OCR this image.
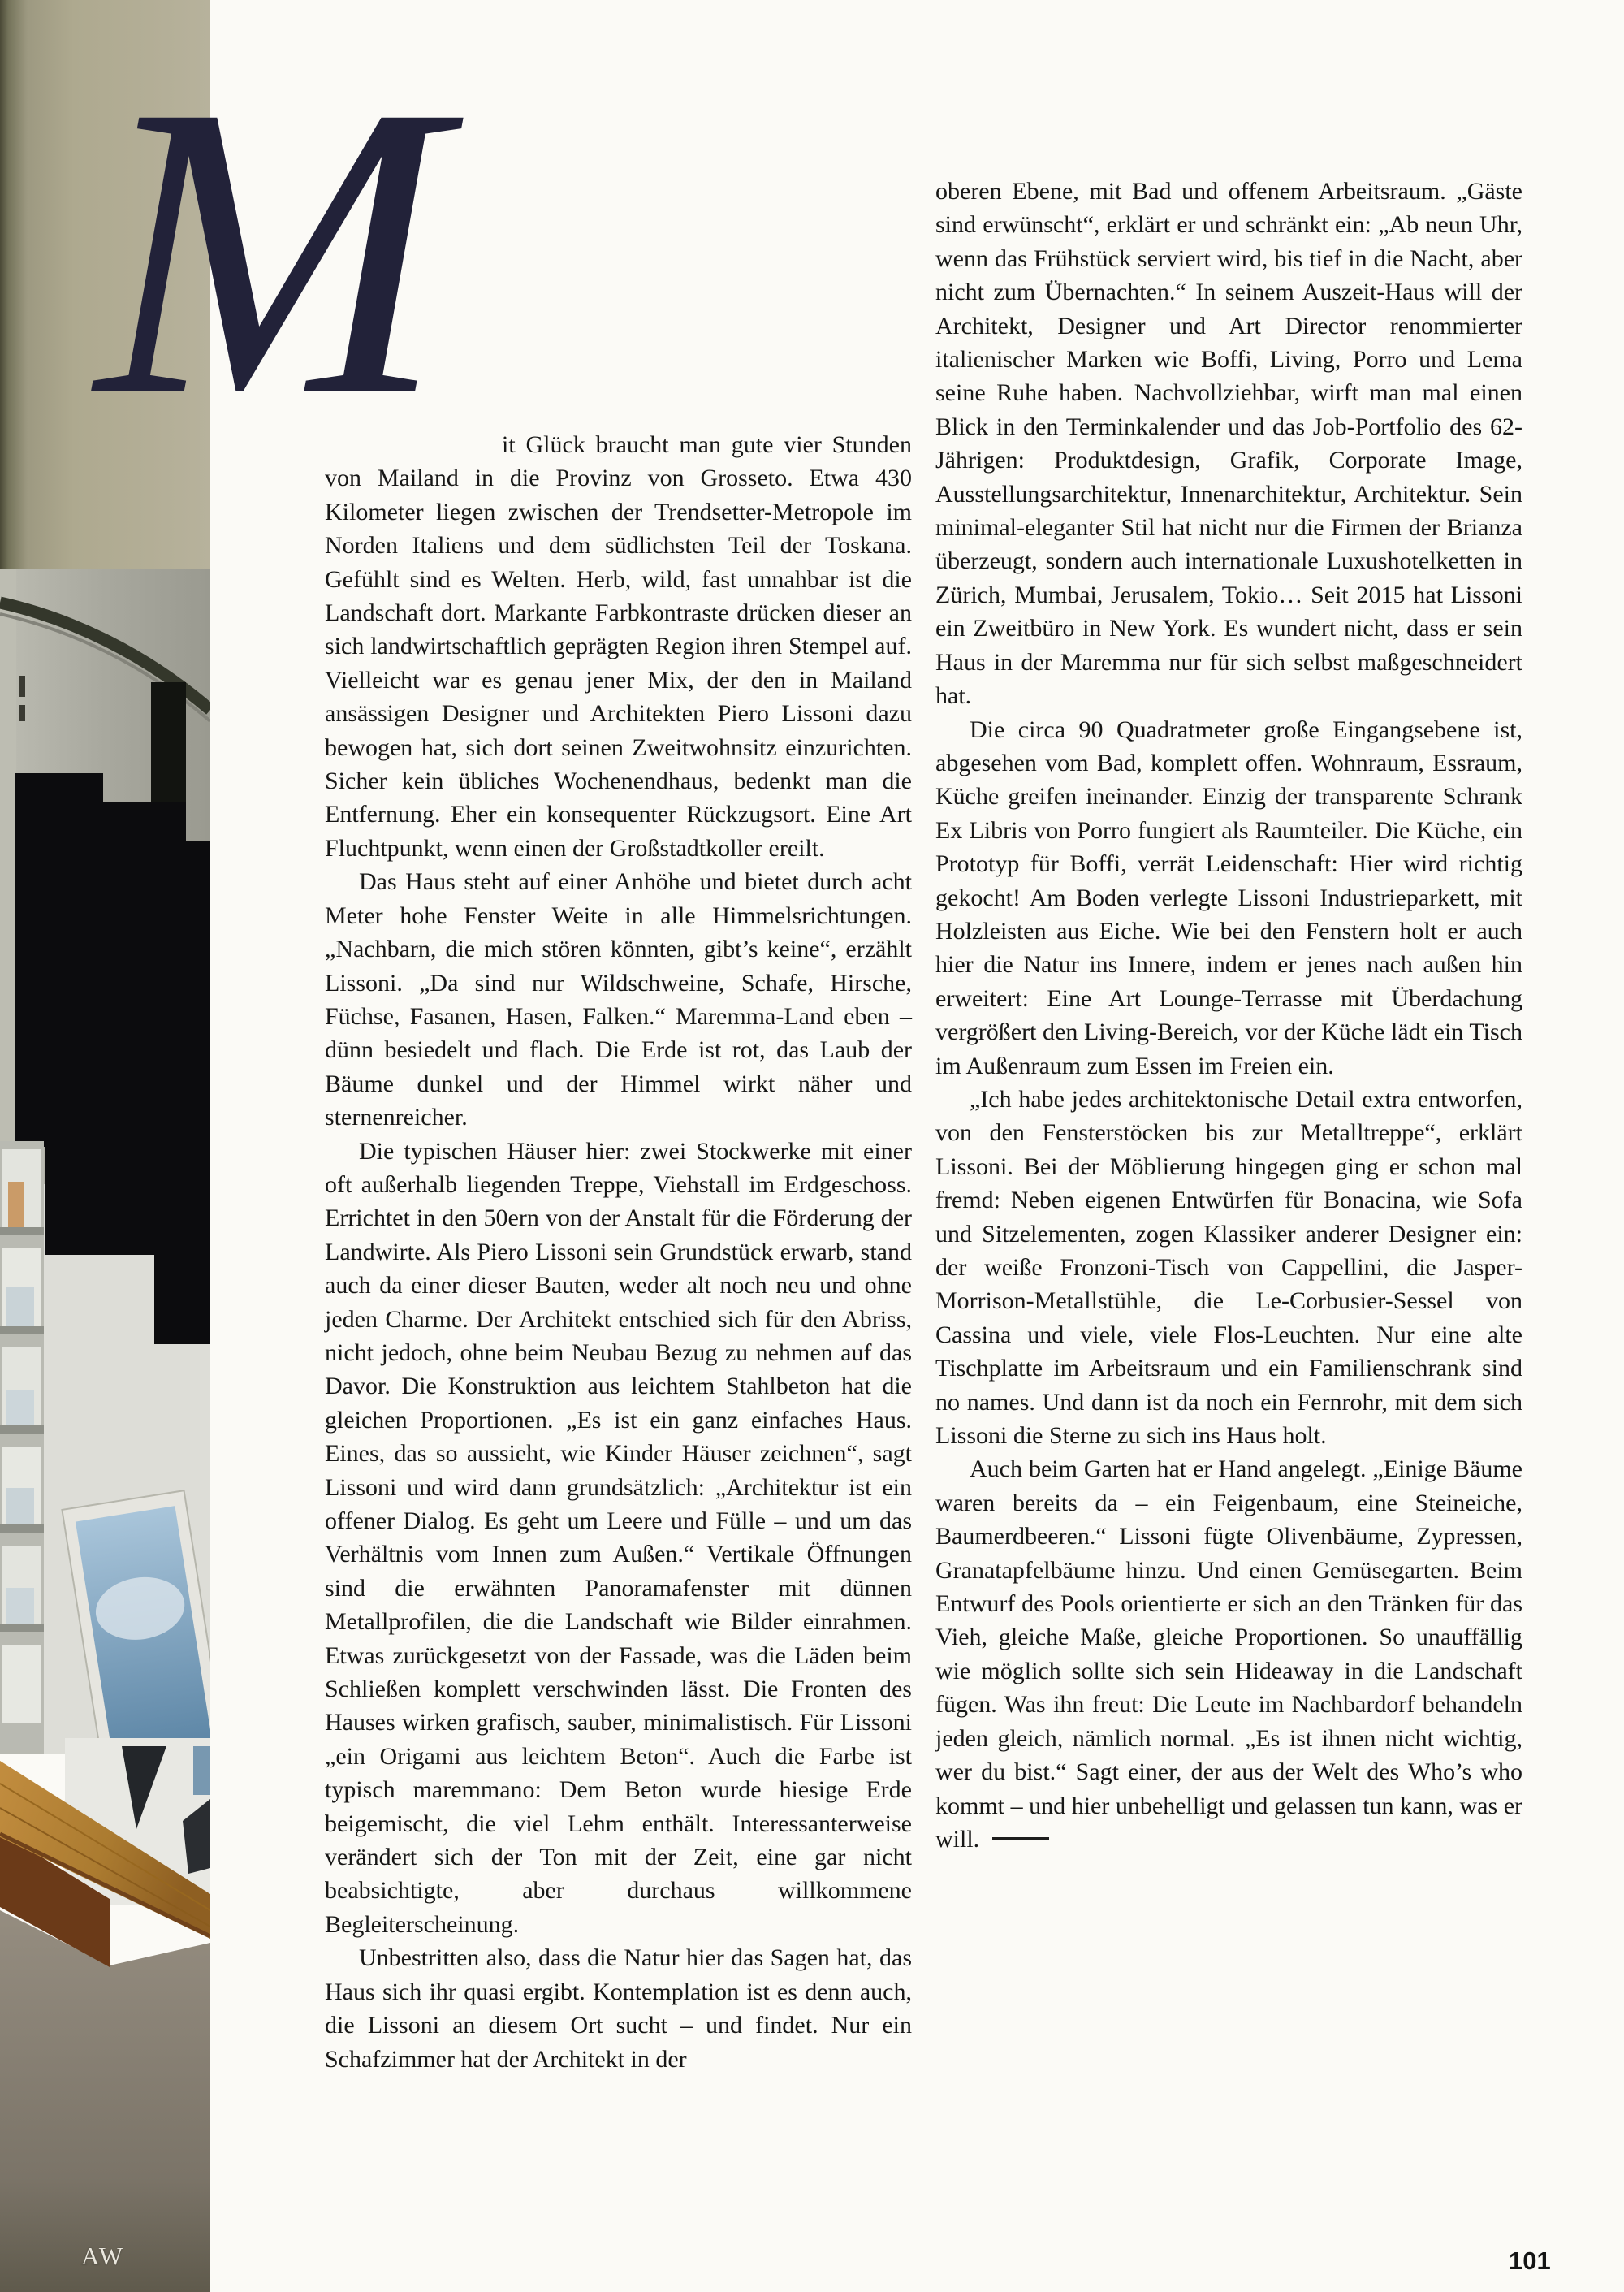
AW
M	it Glück braucht man gute vier Stunden von Mailand in die Provinz von Grosseto. Etwa 430 Kilometer liegen zwischen der Trendsetter-Metropole im Norden Italiens und dem südlichsten Teil der Toskana. Gefühlt sind es Welten. Herb, wild, fast unnahbar ist die Landschaft dort. Markante Farbkontraste drücken dieser an sich landwirtschaftlich geprägten Region ihren Stempel auf. Vielleicht war es genau jener Mix, der den in Mailand ansässigen Designer und Architekten Piero Lissoni dazu bewogen hat, sich dort seinen Zweitwohnsitz einzurichten. Sicher kein übliches Wochenendhaus, bedenkt man die Entfernung. Eher ein konsequenter Rückzugsort. Eine Art Fluchtpunkt, wenn einen der Großstadtkoller ereilt.

Das Haus steht auf einer Anhöhe und bietet durch acht Meter hohe Fenster Weite in alle Himmelsrichtungen. „Nachbarn, die mich stören könnten, gibt’s keine“, erzählt Lissoni. „Da sind nur Wildschweine, Schafe, Hirsche, Füchse, Fasanen, Hasen, Falken.“ Maremma-Land eben – dünn besiedelt und flach. Die Erde ist rot, das Laub der Bäume dunkel und der Himmel wirkt näher und sternenreicher.

Die typischen Häuser hier: zwei Stockwerke mit einer oft außerhalb liegenden Treppe, Viehstall im Erdgeschoss. Errichtet in den 50ern von der Anstalt für die Förderung der Landwirte. Als Piero Lissoni sein Grundstück erwarb, stand auch da einer dieser Bauten, weder alt noch neu und ohne jeden Charme. Der Architekt entschied sich für den Abriss, nicht jedoch, ohne beim Neubau Bezug zu nehmen auf das Davor. Die Konstruktion aus leichtem Stahlbeton hat die gleichen Proportionen. „Es ist ein ganz einfaches Haus. Eines, das so aussieht, wie Kinder Häuser zeichnen“, sagt Lissoni und wird dann grundsätzlich: „Architektur ist ein offener Dialog. Es geht um Leere und Fülle – und um das Verhältnis vom Innen zum Außen.“ Vertikale Öffnungen sind die erwähnten Panoramafenster mit dünnen Metallprofilen, die die Landschaft wie Bilder einrahmen. Etwas zurückgesetzt von der Fassade, was die Läden beim Schließen komplett verschwinden lässt. Die Fronten des Hauses wirken grafisch, sauber, minimalistisch. Für Lissoni „ein Origami aus leichtem Beton“. Auch die Farbe ist typisch maremmano: Dem Beton wurde hiesige Erde beigemischt, die viel Lehm enthält. Interessanterweise verändert sich der Ton mit der Zeit, eine gar nicht beabsichtigte, aber durchaus willkommene Begleiterscheinung.

Unbestritten also, dass die Natur hier das Sagen hat, das Haus sich ihr quasi ergibt. Kontemplation ist es denn auch, die Lissoni an diesem Ort sucht – und findet. Nur ein Schafzimmer hat der Architekt in der

oberen Ebene, mit Bad und offenem Arbeitsraum. „Gäste sind erwünscht“, erklärt er und schränkt ein: „Ab neun Uhr, wenn das Frühstück serviert wird, bis tief in die Nacht, aber nicht zum Übernachten.“ In seinem Auszeit-Haus will der Architekt, Designer und Art Director renommierter italienischer Marken wie Boffi, Living, Porro und Lema seine Ruhe haben. Nachvollziehbar, wirft man mal einen Blick in den Terminkalender und das Job-Portfolio des 62-Jährigen: Produktdesign, Grafik, Corporate Image, Ausstellungsarchitektur, Innenarchitektur, Architektur. Sein minimal-eleganter Stil hat nicht nur die Firmen der Brianza überzeugt, sondern auch internationale Luxushotelketten in Zürich, Mumbai, Jerusalem, Tokio… Seit 2015 hat Lissoni ein Zweitbüro in New York. Es wundert nicht, dass er sein Haus in der Maremma nur für sich selbst maßgeschneidert hat.

Die circa 90 Quadratmeter große Eingangsebene ist, abgesehen vom Bad, komplett offen. Wohnraum, Essraum, Küche greifen ineinander. Einzig der transparente Schrank Ex Libris von Porro fungiert als Raumteiler. Die Küche, ein Prototyp für Boffi, verrät Leidenschaft: Hier wird richtig gekocht! Am Boden verlegte Lissoni Industrieparkett, mit Holzleisten aus Eiche. Wie bei den Fenstern holt er auch hier die Natur ins Innere, indem er jenes nach außen hin erweitert: Eine Art Lounge-Terrasse mit Überdachung vergrößert den Living-Bereich, vor der Küche lädt ein Tisch im Außenraum zum Essen im Freien ein.

„Ich habe jedes architektonische Detail extra entworfen, von den Fensterstöcken bis zur Metalltreppe“, erklärt Lissoni. Bei der Möblierung hingegen ging er schon mal fremd: Neben eigenen Entwürfen für Bonacina, wie Sofa und Sitzelementen, zogen Klassiker anderer Designer ein: der weiße Fronzoni-Tisch von Cappellini, die Jasper-Morrison-Metallstühle, die Le-Corbusier-Sessel von Cassina und viele, viele Flos-Leuchten. Nur eine alte Tischplatte im Arbeitsraum und ein Familienschrank sind no names. Und dann ist da noch ein Fernrohr, mit dem sich Lissoni die Sterne zu sich ins Haus holt.

Auch beim Garten hat er Hand angelegt. „Einige Bäume waren bereits da – ein Feigenbaum, eine Steineiche, Baumerdbeeren.“ Lissoni fügte Olivenbäume, Zypressen, Granatapfelbäume hinzu. Und einen Gemüsegarten. Beim Entwurf des Pools orientierte er sich an den Tränken für das Vieh, gleiche Maße, gleiche Proportionen. So unauffällig wie möglich sollte sich sein Hideaway in die Landschaft fügen. Was ihn freut: Die Leute im Nachbardorf behandeln jeden gleich, nämlich normal. „Es ist ihnen nicht wichtig, wer du bist.“ Sagt einer, der aus der Welt des Who’s who kommt – und hier unbehelligt und gelassen tun kann, was er will.

101
